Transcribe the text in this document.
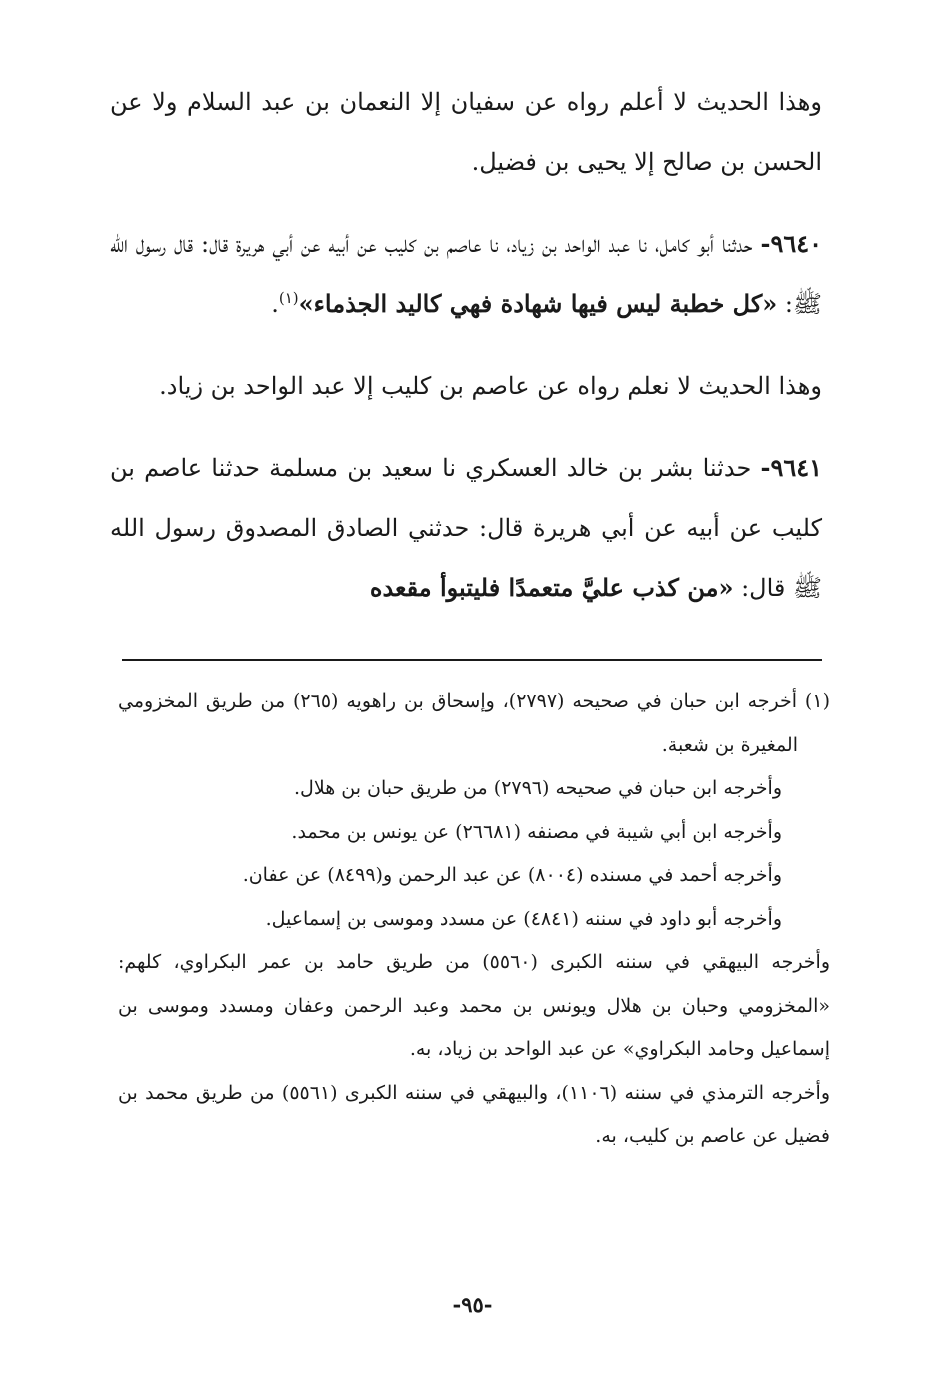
وهذا الحديث لا أعلم رواه عن سفيان إلا النعمان بن عبد السلام ولا عن الحسن بن صالح إلا يحيى بن فضيل.

٩٦٤٠- حدثنا أبو كامل، نا عبد الواحد بن زياد، نا عاصم بن كليب عن أبيه عن أبي هريرة قال: قال رسول الله ﷺ: «كل خطبة ليس فيها شهادة فهي كاليد الجذماء»$^{(١)}$.

وهذا الحديث لا نعلم رواه عن عاصم بن كليب إلا عبد الواحد بن زياد.

٩٦٤١- حدثنا بشر بن خالد العسكري نا سعيد بن مسلمة حدثنا عاصم بن كليب عن أبيه عن أبي هريرة قال: حدثني الصادق المصدوق رسول الله ﷺ قال: «من كذب عليَّ متعمدًا فليتبوأ مقعده

(١) أخرجه ابن حبان في صحيحه (٢٧٩٧)، وإسحاق بن راهويه (٢٦٥) من طريق المخزومي المغيرة بن شعبة.

وأخرجه ابن حبان في صحيحه (٢٧٩٦) من طريق حبان بن هلال.

وأخرجه ابن أبي شيبة في مصنفه (٢٦٦٨١) عن يونس بن محمد.

وأخرجه أحمد في مسنده (٨٠٠٤) عن عبد الرحمن و(٨٤٩٩) عن عفان.

وأخرجه أبو داود في سننه (٤٨٤١) عن مسدد وموسى بن إسماعيل.

وأخرجه البيهقي في سننه الكبرى (٥٥٦٠) من طريق حامد بن عمر البكراوي، كلهم: «المخزومي وحبان بن هلال ويونس بن محمد وعبد الرحمن وعفان ومسدد وموسى بن إسماعيل وحامد البكراوي» عن عبد الواحد بن زياد، به.

وأخرجه الترمذي في سننه (١١٠٦)، والبيهقي في سننه الكبرى (٥٥٦١) من طريق محمد بن فضيل عن عاصم بن كليب، به.

-٩٥-
